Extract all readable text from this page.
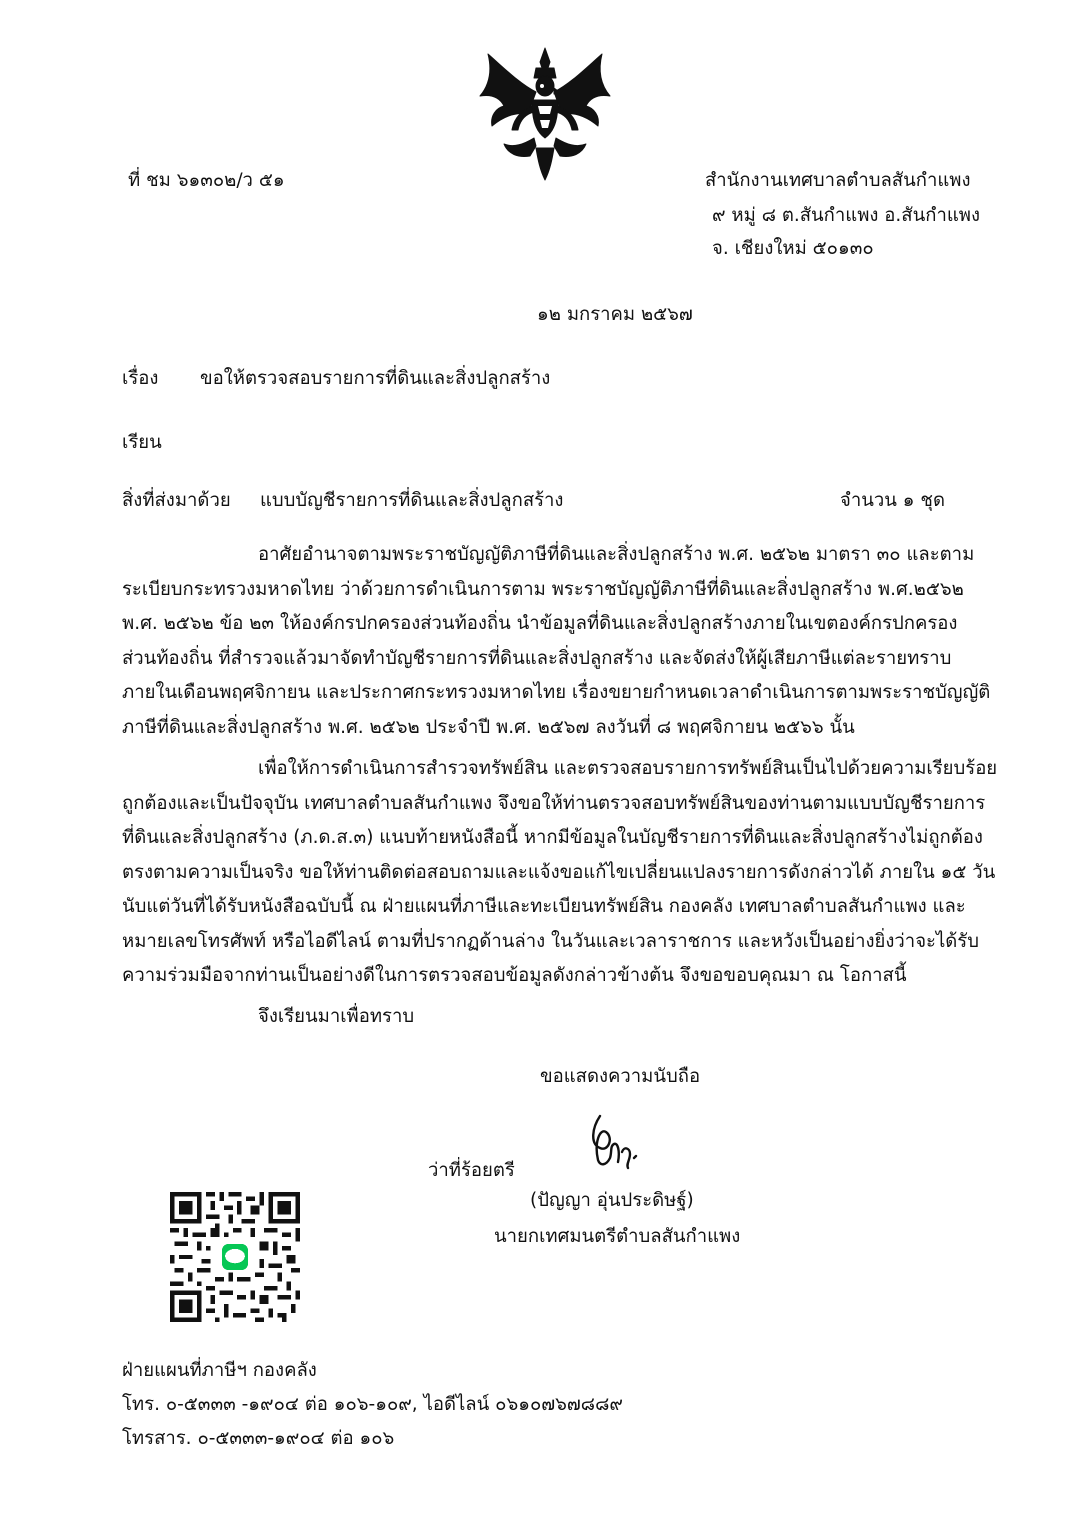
ที่ ชม ๖๑๓๐๒/ว ๕๑	สำนักงานเทศบาลตำบลสันกำแพง
๙ หมู่ ๘ ต.สันกำแพง อ.สันกำแพง
จ. เชียงใหม่ ๕๐๑๓๐
๑๒ มกราคม ๒๕๖๗
เรื่อง ขอให้ตรวจสอบรายการที่ดินและสิ่งปลูกสร้าง
เรียน
สิ่งที่ส่งมาด้วย แบบบัญชีรายการที่ดินและสิ่งปลูกสร้าง	จำนวน ๑ ชุด
อาศัยอำนาจตามพระราชบัญญัติภาษีที่ดินและสิ่งปลูกสร้าง พ.ศ. ๒๕๖๒ มาตรา ๓๐ และตาม
ระเบียบกระทรวงมหาดไทย ว่าด้วยการดำเนินการตาม พระราชบัญญัติภาษีที่ดินและสิ่งปลูกสร้าง พ.ศ.๒๕๖๒
พ.ศ. ๒๕๖๒ ข้อ ๒๓ ให้องค์กรปกครองส่วนท้องถิ่น นำข้อมูลที่ดินและสิ่งปลูกสร้างภายในเขตองค์กรปกครอง
ส่วนท้องถิ่น ที่สำรวจแล้วมาจัดทำบัญชีรายการที่ดินและสิ่งปลูกสร้าง และจัดส่งให้ผู้เสียภาษีแต่ละรายทราบ
ภายในเดือนพฤศจิกายน และประกาศกระทรวงมหาดไทย เรื่องขยายกำหนดเวลาดำเนินการตามพระราชบัญญัติ
ภาษีที่ดินและสิ่งปลูกสร้าง พ.ศ. ๒๕๖๒ ประจำปี พ.ศ. ๒๕๖๗ ลงวันที่ ๘ พฤศจิกายน ๒๕๖๖ นั้น
เพื่อให้การดำเนินการสำรวจทรัพย์สิน และตรวจสอบรายการทรัพย์สินเป็นไปด้วยความเรียบร้อย
ถูกต้องและเป็นปัจจุบัน เทศบาลตำบลสันกำแพง จึงขอให้ท่านตรวจสอบทรัพย์สินของท่านตามแบบบัญชีรายการ
ที่ดินและสิ่งปลูกสร้าง (ภ.ด.ส.๓) แนบท้ายหนังสือนี้ หากมีข้อมูลในบัญชีรายการที่ดินและสิ่งปลูกสร้างไม่ถูกต้อง
ตรงตามความเป็นจริง ขอให้ท่านติดต่อสอบถามและแจ้งขอแก้ไขเปลี่ยนแปลงรายการดังกล่าวได้ ภายใน ๑๕ วัน
นับแต่วันที่ได้รับหนังสือฉบับนี้ ณ ฝ่ายแผนที่ภาษีและทะเบียนทรัพย์สิน กองคลัง เทศบาลตำบลสันกำแพง และ
หมายเลขโทรศัพท์ หรือไอดีไลน์ ตามที่ปรากฏด้านล่าง ในวันและเวลาราชการ และหวังเป็นอย่างยิ่งว่าจะได้รับ
ความร่วมมือจากท่านเป็นอย่างดีในการตรวจสอบข้อมูลดังกล่าวข้างต้น จึงขอขอบคุณมา ณ โอกาสนี้
จึงเรียนมาเพื่อทราบ
ขอแสดงความนับถือ
ว่าที่ร้อยตรี
(ปัญญา อุ่นประดิษฐ์)
นายกเทศมนตรีตำบลสันกำแพง
ฝ่ายแผนที่ภาษีฯ กองคลัง
โทร. ๐-๕๓๓๓ -๑๙๐๔ ต่อ ๑๐๖-๑๐๙, ไอดีไลน์ ๐๖๑๐๗๖๗๘๘๙
โทรสาร. ๐-๕๓๓๓-๑๙๐๔ ต่อ ๑๐๖
